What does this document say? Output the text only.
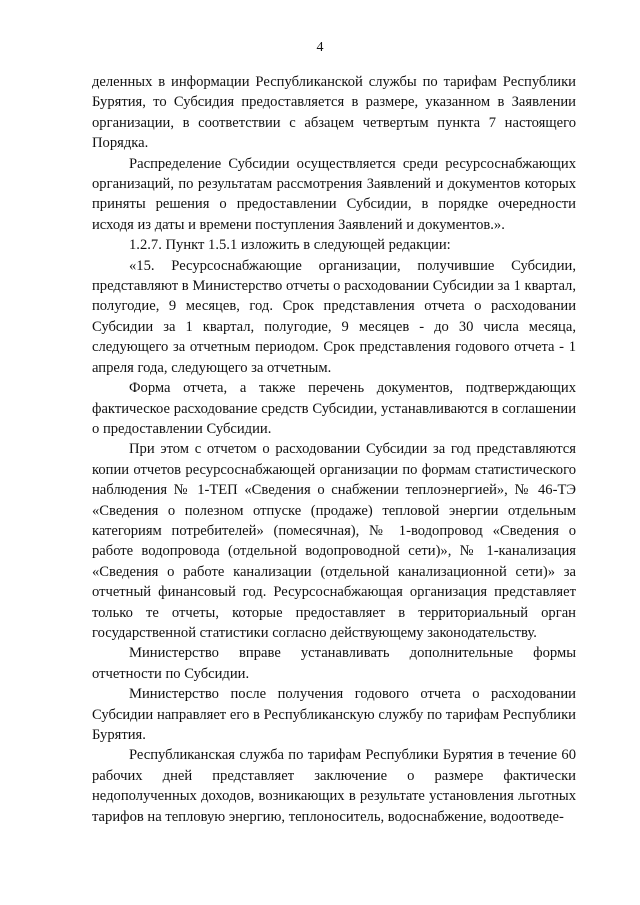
4

деленных в информации Республиканской службы по тарифам Республики Бурятия, то Субсидия предоставляется в размере, указанном в Заявлении организации, в соответствии с абзацем четвертым пункта 7 настоящего Порядка.

Распределение Субсидии осуществляется среди ресурсоснабжающих организаций, по результатам рассмотрения Заявлений и документов которых приняты решения о предоставлении Субсидии, в порядке очередности исходя из даты и времени поступления Заявлений и документов.».

1.2.7. Пункт 1.5.1 изложить в следующей редакции:

«15. Ресурсоснабжающие организации, получившие Субсидии, представляют в Министерство отчеты о расходовании Субсидии за 1 квартал, полугодие, 9 месяцев, год. Срок представления отчета о расходовании Субсидии за 1 квартал, полугодие, 9 месяцев - до 30 числа месяца, следующего за отчетным периодом. Срок представления годового отчета - 1 апреля года, следующего за отчетным.

Форма отчета, а также перечень документов, подтверждающих фактическое расходование средств Субсидии, устанавливаются в соглашении о предоставлении Субсидии.

При этом с отчетом о расходовании Субсидии за год представляются копии отчетов ресурсоснабжающей организации по формам статистического наблюдения № 1-ТЕП «Сведения о снабжении теплоэнергией», № 46-ТЭ «Сведения о полезном отпуске (продаже) тепловой энергии отдельным категориям потребителей» (помесячная), № 1-водопровод «Сведения о работе водопровода (отдельной водопроводной сети)», № 1-канализация «Сведения о работе канализации (отдельной канализационной сети)» за отчетный финансовый год. Ресурсоснабжающая организация представляет только те отчеты, которые предоставляет в территориальный орган государственной статистики согласно действующему законодательству.

Министерство вправе устанавливать дополнительные формы отчетности по Субсидии.

Министерство после получения годового отчета о расходовании Субсидии направляет его в Республиканскую службу по тарифам Республики Бурятия.

Республиканская служба по тарифам Республики Бурятия в течение 60 рабочих дней представляет заключение о размере фактически недополученных доходов, возникающих в результате установления льготных тарифов на тепловую энергию, теплоноситель, водоснабжение, водоотведе-
